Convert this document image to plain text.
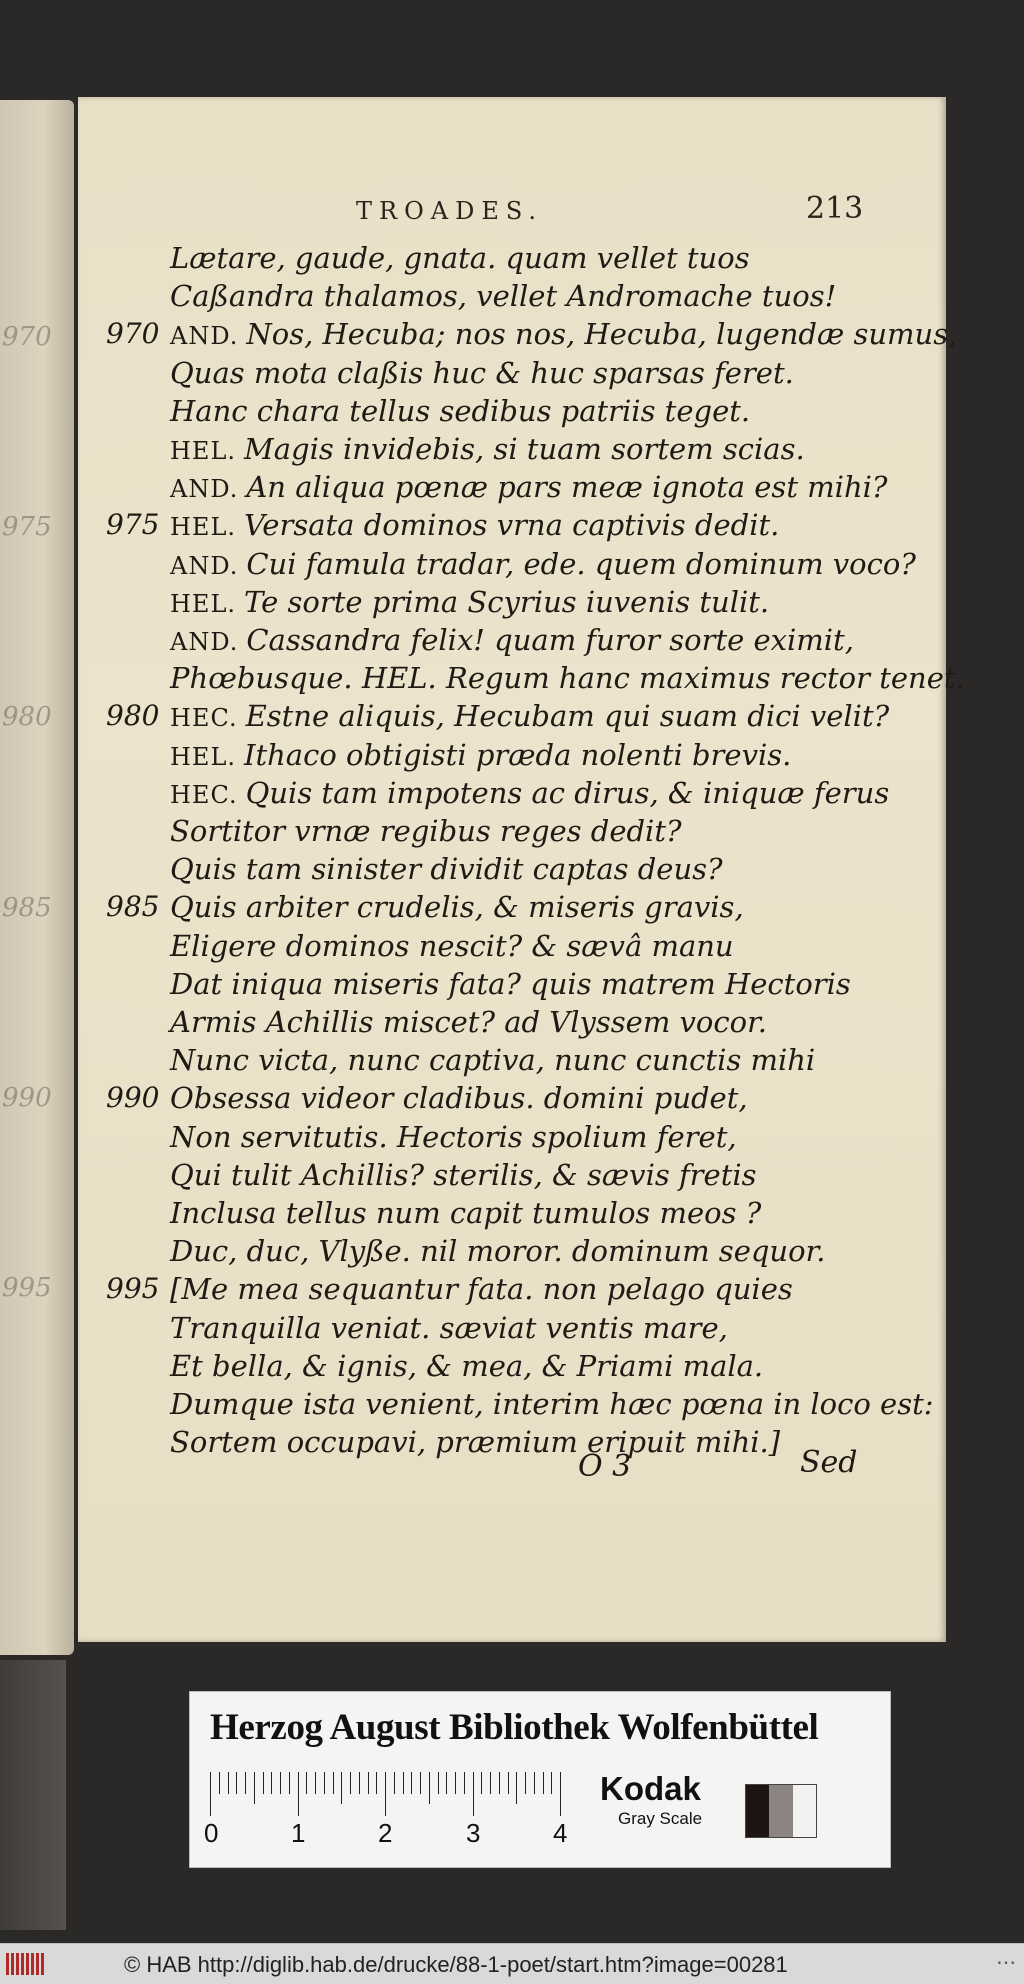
970
975
980
985
990
995
TROADES.	213
Lætare, gaude, gnata. quam vellet tuos
Caßandra thalamos, vellet Andromache tuos!
970 AND. Nos, Hecuba; nos nos, Hecuba, lugendæ sumus,
Quas mota claßis huc & huc sparsas feret.
Hanc chara tellus sedibus patriis teget.
HEL. Magis invidebis, si tuam sortem scias.
AND. An aliqua pœnæ pars meæ ignota est mihi?
975 HEL. Versata dominos vrna captivis dedit.
AND. Cui famula tradar, ede. quem dominum voco?
HEL. Te sorte prima Scyrius iuvenis tulit.
AND. Cassandra felix! quam furor sorte eximit,
Phœbusque. HEL. Regum hanc maximus rector tenet.
980 HEC. Estne aliquis, Hecubam qui suam dici velit?
HEL. Ithaco obtigisti præda nolenti brevis.
HEC. Quis tam impotens ac dirus, & iniquæ ferus
Sortitor vrnæ regibus reges dedit?
Quis tam sinister dividit captas deus?
985 Quis arbiter crudelis, & miseris gravis,
Eligere dominos nescit? & sævâ manu
Dat iniqua miseris fata? quis matrem Hectoris
Armis Achillis miscet? ad Vlyssem vocor.
Nunc victa, nunc captiva, nunc cunctis mihi
990 Obsessa videor cladibus. domini pudet,
Non servitutis. Hectoris spolium feret,
Qui tulit Achillis? sterilis, & sævis fretis
Inclusa tellus num capit tumulos meos ?
Duc, duc, Vlyße. nil moror. dominum sequor.
995 [Me mea sequantur fata. non pelago quies
Tranquilla veniat. sæviat ventis mare,
Et bella, & ignis, & mea, & Priami mala.
Dumque ista venient, interim hæc pœna in loco est:
Sortem occupavi, præmium eripuit mihi.]
O 3	Sed
Herzog August Bibliothek Wolfenbüttel
0	1	2	3	4
Kodak
Gray Scale
© HAB http://diglib.hab.de/drucke/88-1-poet/start.htm?image=00281	⋯
